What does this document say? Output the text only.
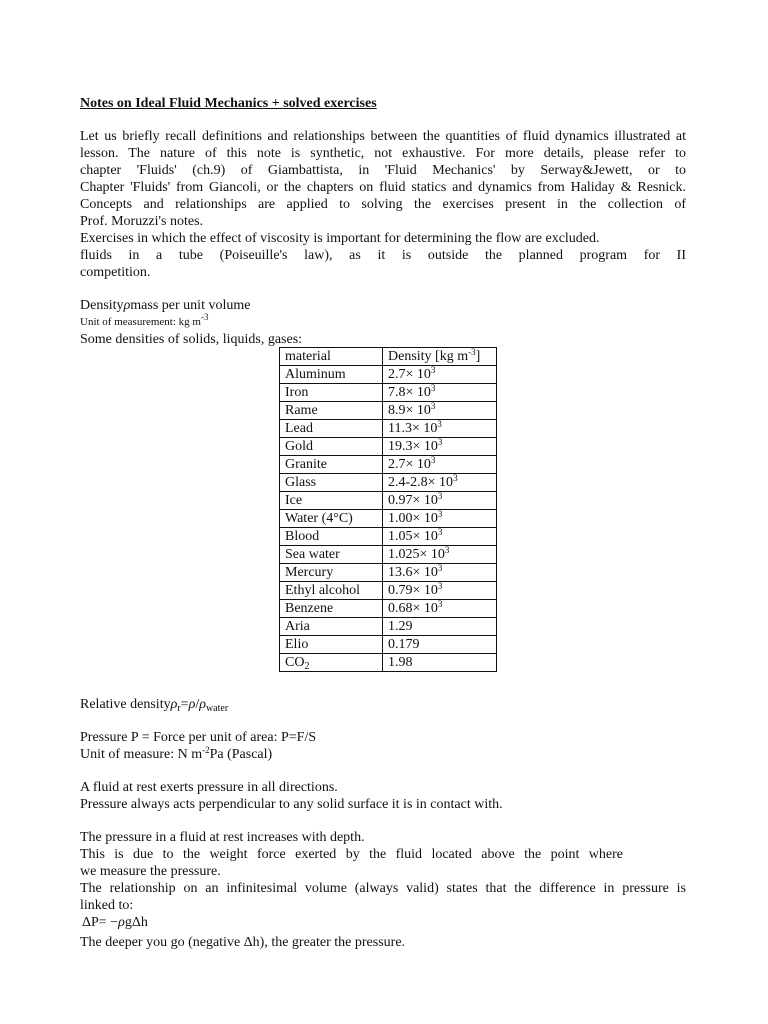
Notes on Ideal Fluid Mechanics + solved exercises

Let us briefly recall definitions and relationships between the quantities of fluid dynamics illustrated at

lesson. The nature of this note is synthetic, not exhaustive. For more details, please refer to

chapter 'Fluids' (ch.9) of Giambattista, in 'Fluid Mechanics' by Serway&Jewett, or to

Chapter 'Fluids' from Giancoli, or the chapters on fluid statics and dynamics from Haliday & Resnick.

Concepts and relationships are applied to solving the exercises present in the collection of

Prof. Moruzzi's notes.

Exercises in which the effect of viscosity is important for determining the flow are excluded.

fluids in a tube (Poiseuille's law), as it is outside the planned program for II

competition.

Densityρmass per unit volume

Unit of measurement: kg $m^{-3}$

Some densities of solids, liquids, gases:

material	Density [kg $m^{-3}$]
Aluminum	$2.7\times 10^3$
Iron	$7.8\times 10^3$
Rame	$8.9\times 10^3$
Lead	$11.3\times 10^3$
Gold	$19.3\times 10^3$
Granite	$2.7\times 10^3$
Glass	$2.4-2.8\times 10^3$
Ice	$0.97\times 10^3$
Water (4°C)	$1.00\times 10^3$
Blood	$1.05\times 10^3$
Sea water	$1.025\times 10^3$
Mercury	$13.6\times 10^3$
Ethyl alcohol	$0.79\times 10^3$
Benzene	$0.68\times 10^3$
Aria	1.29
Elio	0.179
$CO_2$	1.98

Relative $density\rho_r=\rho/\rho_{water}$

Pressure P = Force per unit of area: P=F/S

Unit of measure: N $m^{-2}Pa$ (Pascal)

A fluid at rest exerts pressure in all directions.

Pressure always acts perpendicular to any solid surface it is in contact with.

The pressure in a fluid at rest increases with depth.

This is due to the weight force exerted by the fluid located above the point where

we measure the pressure.

The relationship on an infinitesimal volume (always valid) states that the difference in pressure is

linked to:

ΔP= −ρgΔh

The deeper you go (negative Δh), the greater the pressure.
